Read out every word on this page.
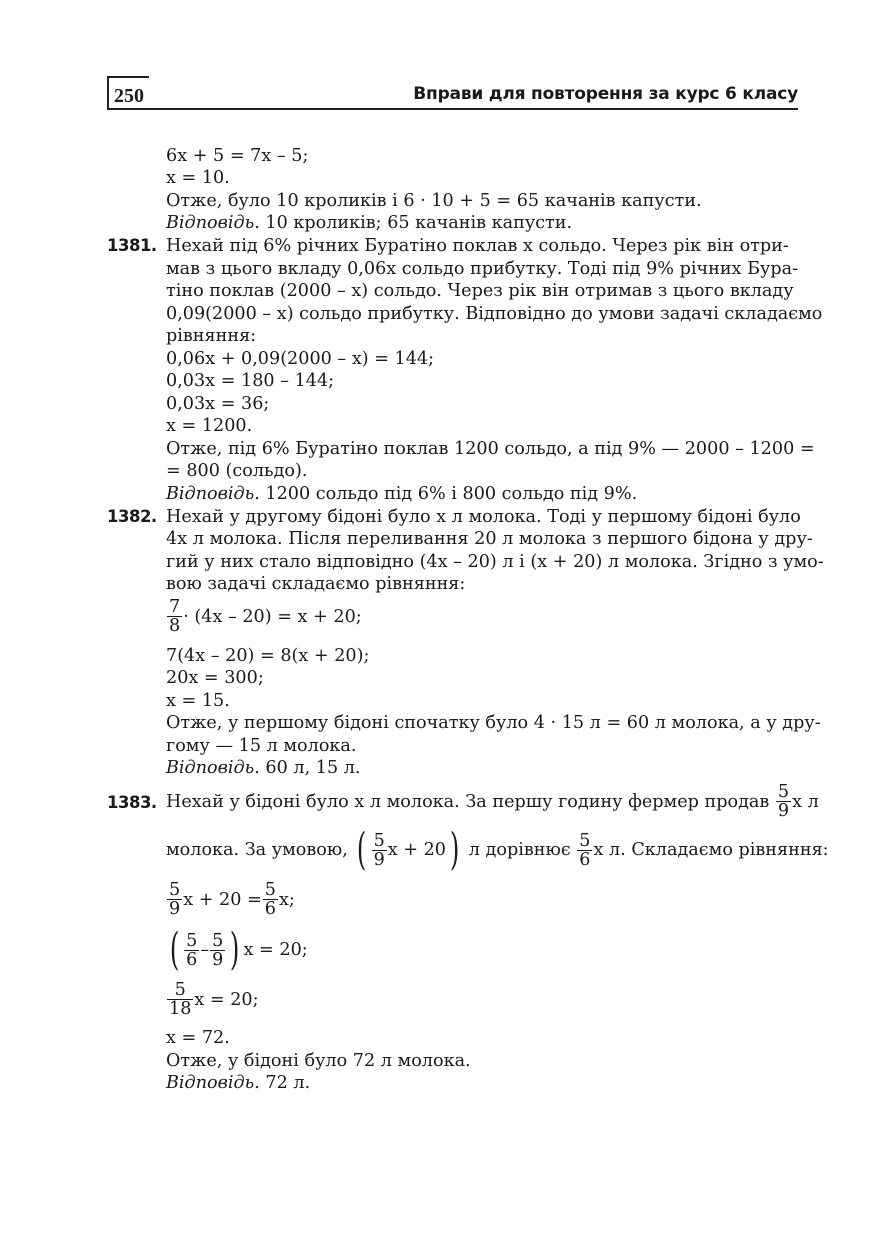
250	Вправи для повторення за курс 6 класу
6x + 5 = 7x – 5;
x = 10.
Отже, було 10 кроликів і 6 · 10 + 5 = 65 качанів капусти.
Відповідь. 10 кроликів; 65 качанів капусти.
1381. Нехай під 6% річних Буратіно поклав x сольдо. Через рік він отри-
мав з цього вкладу 0,06x сольдо прибутку. Тоді під 9% річних Бура-
тіно поклав (2000 – x) сольдо. Через рік він отримав з цього вкладу
0,09(2000 – x) сольдо прибутку. Відповідно до умови задачі складаємо
рівняння:
0,06x + 0,09(2000 – x) = 144;
0,03x = 180 – 144;
0,03x = 36;
x = 1200.
Отже, під 6% Буратіно поклав 1200 сольдо, а під 9% — 2000 – 1200 =
= 800 (сольдо).
Відповідь. 1200 сольдо під 6% і 800 сольдо під 9%.
1382. Нехай у другому бідоні було x л молока. Тоді у першому бідоні було
4x л молока. Після переливання 20 л молока з першого бідона у дру-
гий у них стало відповідно (4x – 20) л і (x + 20) л молока. Згідно з умо-
вою задачі складаємо рівняння:
$\frac{7}{8} \cdot (4x - 20) = x + 20$;
7(4x – 20) = 8(x + 20);
20x = 300;
x = 15.
Отже, у першому бідоні спочатку було 4 · 15 л = 60 л молока, а у дру-
гому — 15 л молока.
Відповідь. 60 л, 15 л.
1383. Нехай у бідоні було x л молока. За першу годину фермер продав
$\frac{5}{9}$ x л
молока. За умовою,
( $\frac{5}{9}$ x + 20 )
л дорівнює
$\frac{5}{6}$ x л. Складаємо рівняння:
$\frac{5}{9}$ $x + 20 = \frac{5}{6} x$;
( $\frac{5}{6} - \frac{5}{9}$ ) x = 20;
$\frac{5}{18}$ x = 20;
x = 72.
Отже, у бідоні було 72 л молока.
Відповідь. 72 л.
